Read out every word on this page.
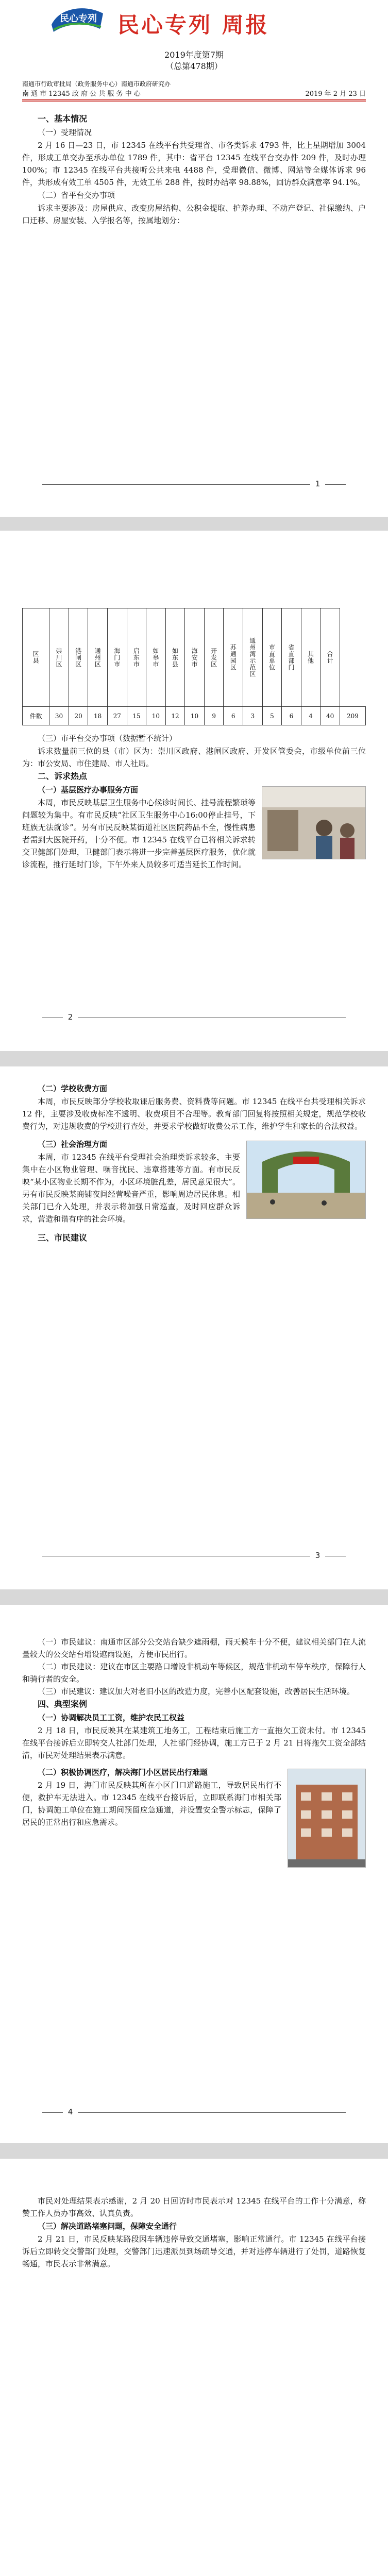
民心专列 民心专列 周报
2019年度第7期
（总第478期）
南通市行政审批局（政务服务中心）南通市政府研究办
南 通 市 12345 政 府 公 共 服 务 中 心	2019 年 2 月 23 日
一、基本情况
（一）受理情况

2 月 16 日—23 日，市 12345 在线平台共受理省、市各类诉求 4793 件，比上星期增加 3004 件，形成工单交办至承办单位 1789 件，其中：省平台 12345 在线平台交办件 209 件，及时办理 100%；市 12345 在线平台共接听公共来电 4488 件，受理微信、微博、网站等全媒体诉求 96 件，共形成有效工单 4505 件，无效工单 288 件，按时办结率 98.88%，回访群众满意率 94.1%。

（二）省平台交办事项

诉求主要涉及：房屋供应、改变房屋结构、公积金提取、护养办理、不动产登记、社保缴纳、户口迁移、房屋安装、入学报名等，按属地划分：

1
区县	崇川区	港闸区	通州区	海门市	启东市	如皋市	如东县	海安市	开发区	苏通园区	通州湾示范区	市直单位	省直部门	其他	合计	
件数	30	20	18	27	15	10	12	10	9	6	3	5	6	4	40	209
（三）市平台交办事项（数据暂不统计）

诉求数量前三位的县（市）区为：崇川区政府、港闸区政府、开发区管委会，市级单位前三位为：市公安局、市住建局、市人社局。

二、诉求热点
（一）基层医疗办事服务方面

本周，市民反映基层卫生服务中心候诊时间长、挂号流程繁琐等问题较为集中。有市民反映“社区卫生服务中心16:00停止挂号，下班族无法就诊”。另有市民反映某街道社区医院药品不全，慢性病患者需到大医院开药，十分不便。市 12345 在线平台已将相关诉求转交卫健部门处理，卫健部门表示将进一步完善基层医疗服务，优化就诊流程，推行延时门诊，下午外来人员较多可适当延长工作时间。

2
（二）学校收费方面

本周，市民反映部分学校收取课后服务费、资料费等问题。市 12345 在线平台共受理相关诉求 12 件，主要涉及收费标准不透明、收费项目不合理等。教育部门回复将按照相关规定，规范学校收费行为，对违规收费的学校进行查处，并要求学校做好收费公示工作，维护学生和家长的合法权益。

（三）社会治理方面

本周，市 12345 在线平台受理社会治理类诉求较多，主要集中在小区物业管理、噪音扰民、违章搭建等方面。有市民反映“某小区物业长期不作为，小区环境脏乱差，居民意见很大”。另有市民反映某商铺夜间经营噪音严重，影响周边居民休息。相关部门已介入处理，并表示将加强日常巡查，及时回应群众诉求，营造和谐有序的社会环境。

三、市民建议
3

（一）市民建议：南通市区部分公交站台缺少遮雨棚，雨天候车十分不便，建议相关部门在人流量较大的公交站台增设遮雨设施，方便市民出行。

（二）市民建议：建议在市区主要路口增设非机动车等候区，规范非机动车停车秩序，保障行人和骑行者的安全。

（三）市民建议：建议加大对老旧小区的改造力度，完善小区配套设施，改善居民生活环境。

四、典型案例
（一）协调解决员工工资，维护农民工权益

2 月 18 日，市民反映其在某建筑工地务工，工程结束后施工方一直拖欠工资未付。市 12345 在线平台接诉后立即转交人社部门处理，人社部门经协调，施工方已于 2 月 21 日将拖欠工资全部结清，市民对处理结果表示满意。

（二）积极协调医疗，解决海门小区居民出行难题

2 月 19 日，海门市民反映其所在小区门口道路施工，导致居民出行不便，救护车无法进入。市 12345 在线平台接诉后，立即联系海门市相关部门，协调施工单位在施工期间预留应急通道，并设置安全警示标志，保障了居民的正常出行和应急需求。

4

市民对处理结果表示感谢，2 月 20 日回访时市民表示对 12345 在线平台的工作十分满意，称赞工作人员办事高效、认真负责。

（三）解决道路堵塞问题，保障安全通行

2 月 21 日，市民反映某路段因车辆违停导致交通堵塞，影响正常通行。市 12345 在线平台接诉后立即转交交警部门处理，交警部门迅速派员到场疏导交通，并对违停车辆进行了处罚，道路恢复畅通，市民表示非常满意。
